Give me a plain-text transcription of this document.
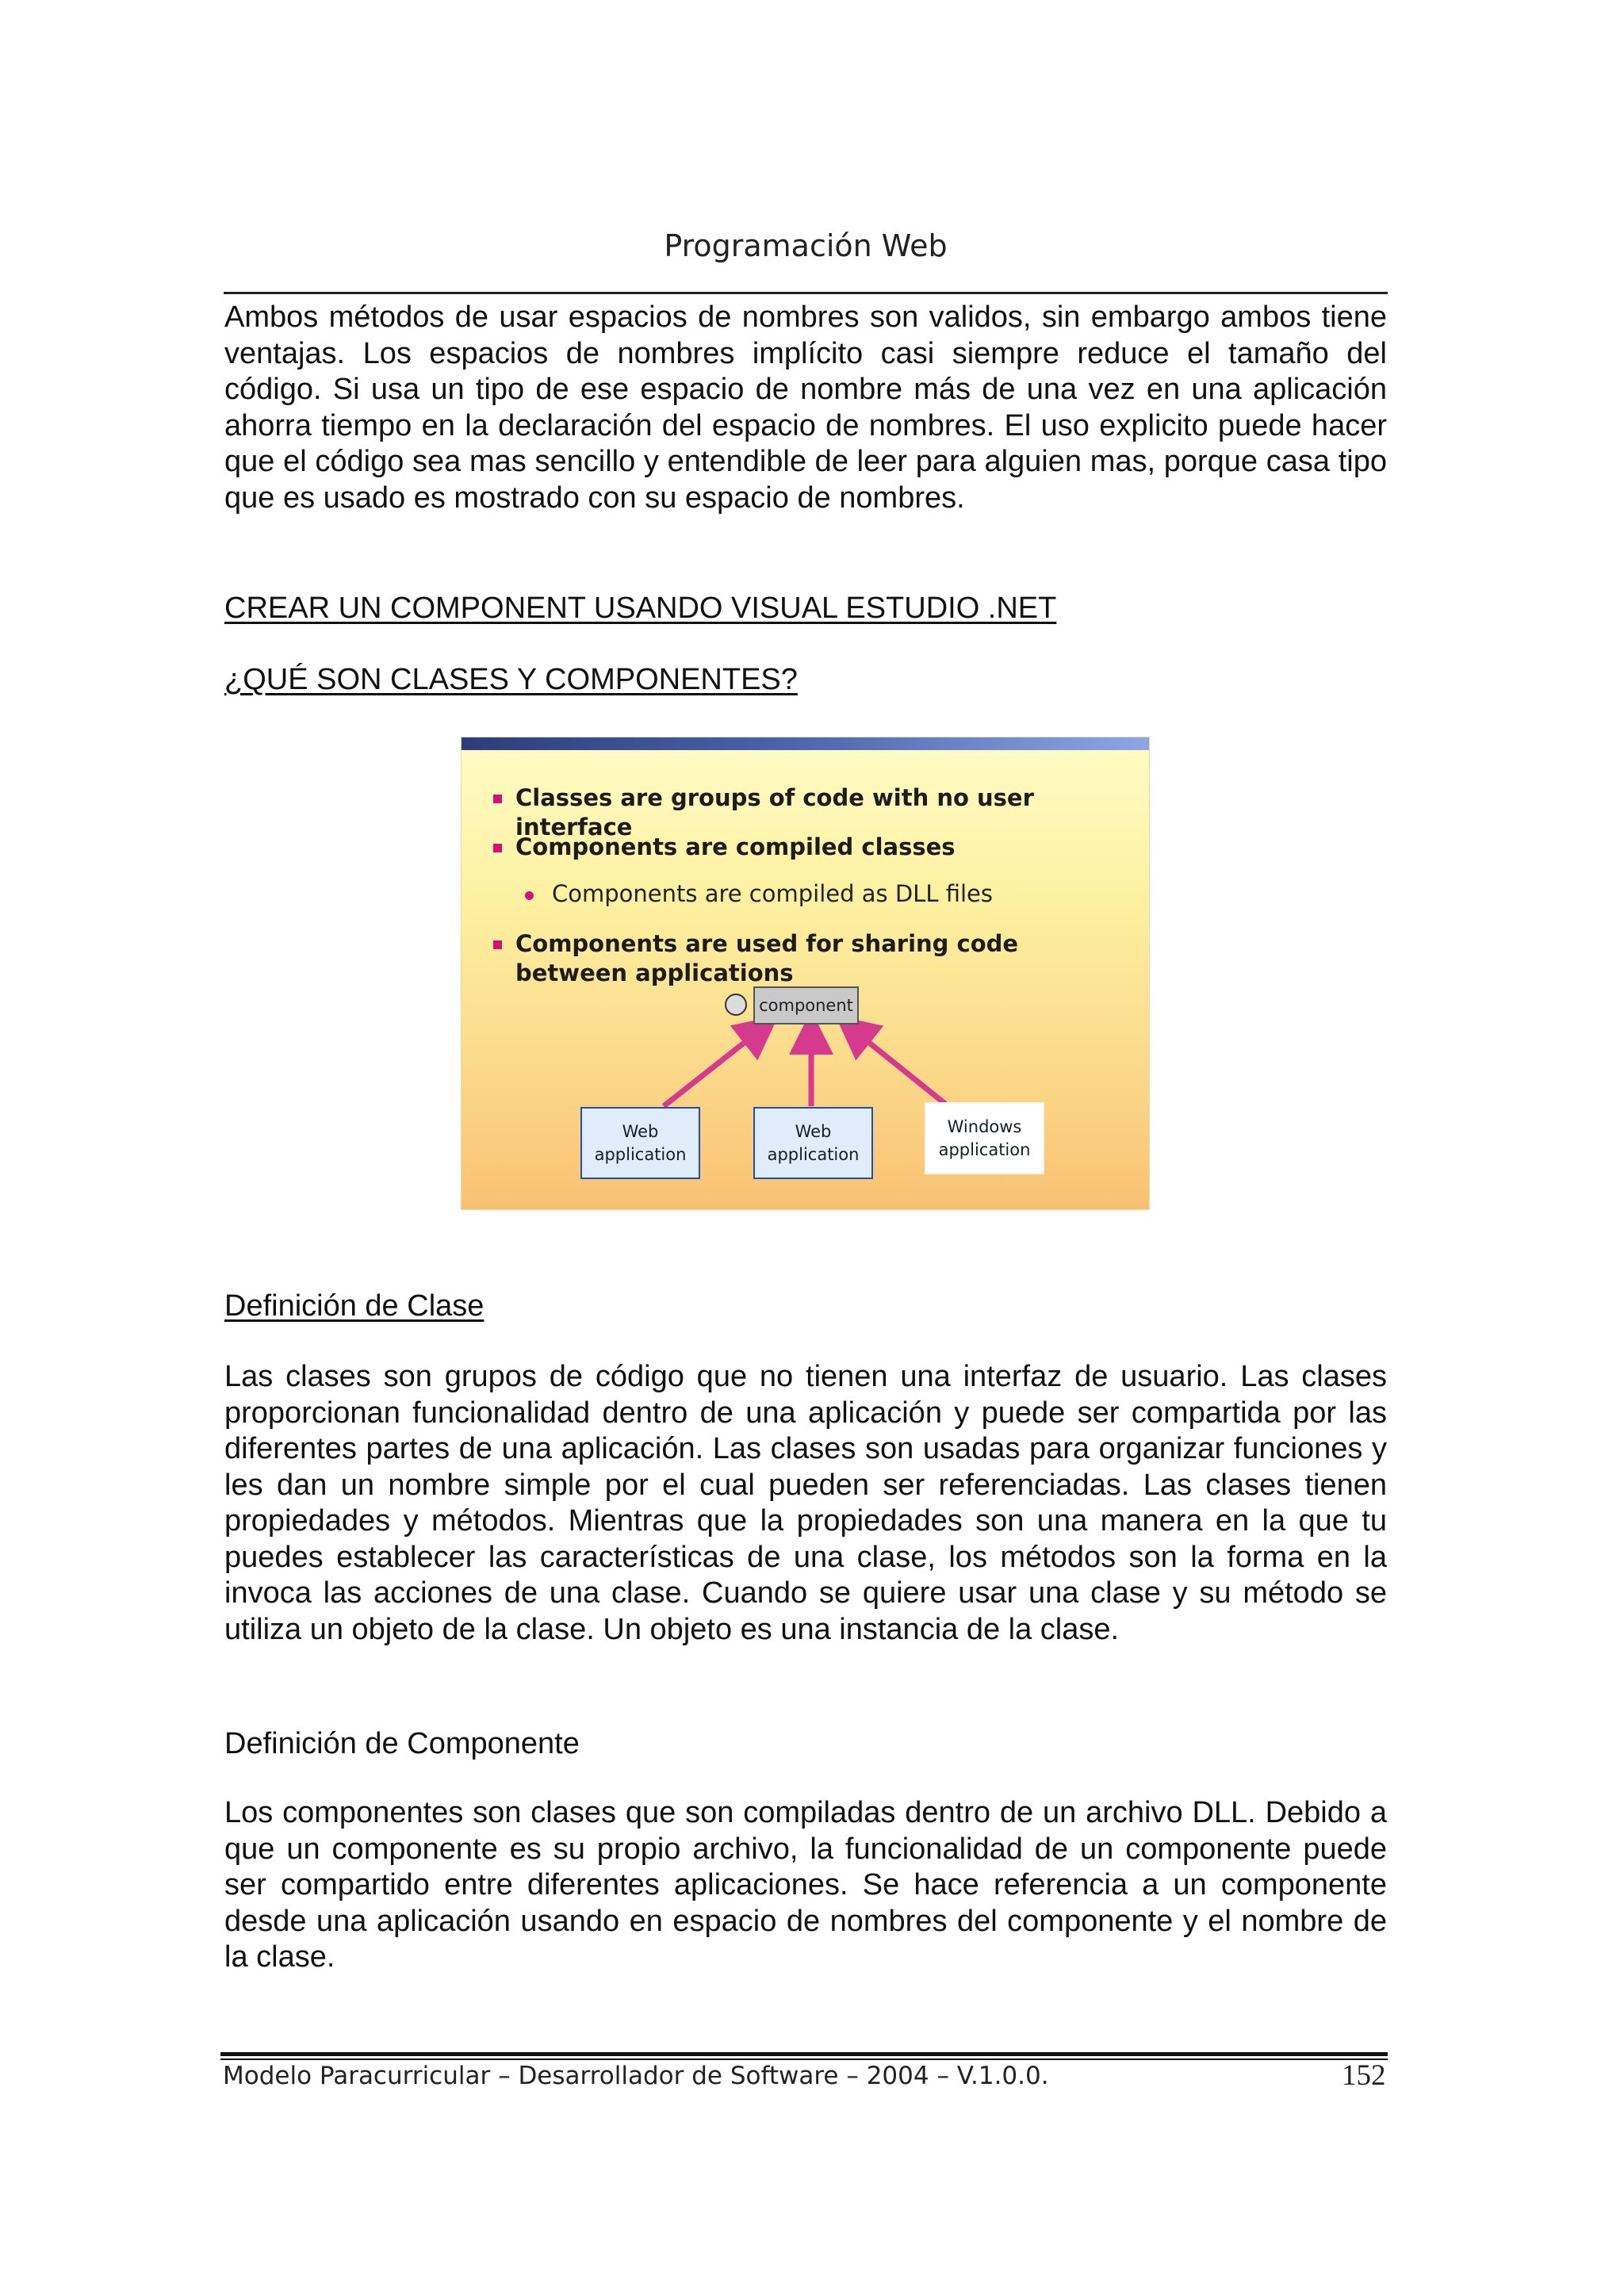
Programación Web

Ambos métodos de usar espacios de nombres son validos, sin embargo ambos tiene ventajas. Los espacios de nombres implícito casi siempre reduce el tamaño del código. Si usa un tipo de ese espacio de nombre más de una vez en una aplicación ahorra tiempo en la declaración del espacio de nombres. El uso explicito puede hacer que el código sea mas sencillo y entendible de leer para alguien mas, porque casa tipo que es usado es mostrado con su espacio de nombres.

CREAR UN COMPONENT USANDO VISUAL ESTUDIO .NET

¿QUÉ SON CLASES Y COMPONENTES?

Classes are groups of code with no user interface
Components are compiled classes
Components are compiled as DLL files
Components are used for sharing code between applications
component
Web
application
Web
application
Windows
application

Definición de Clase

Las clases son grupos de código que no tienen una interfaz de usuario. Las clases proporcionan funcionalidad dentro de una aplicación y puede ser compartida por las diferentes partes de una aplicación. Las clases son usadas para organizar funciones y les dan un nombre simple por el cual pueden ser referenciadas. Las clases tienen propiedades y métodos. Mientras que la propiedades son una manera en la que tu puedes establecer las características de una clase, los métodos son la forma en la invoca las acciones de una clase. Cuando se quiere usar una clase y su método se utiliza un objeto de la clase. Un objeto es una instancia de la clase.

Definición de Componente

Los componentes son clases que son compiladas dentro de un archivo DLL. Debido a que un componente es su propio archivo, la funcionalidad de un componente puede ser compartido entre diferentes aplicaciones. Se hace referencia a un componente desde una aplicación usando en espacio de nombres del componente y el nombre de la clase.

Modelo Paracurricular – Desarrollador de Software – 2004 – V.1.0.0.	152
